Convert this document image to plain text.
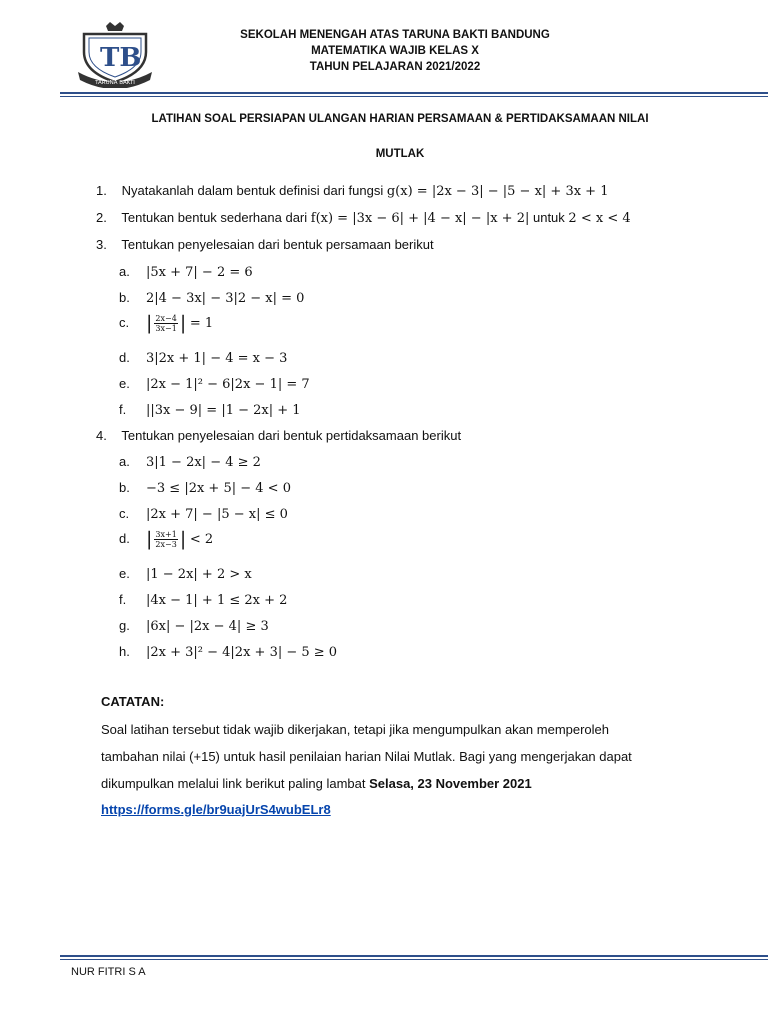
TB
TARUNA BAKTI
SEKOLAH MENENGAH ATAS TARUNA BAKTI BANDUNG
MATEMATIKA WAJIB KELAS X
TAHUN PELAJARAN 2021/2022
LATIHAN SOAL PERSIAPAN ULANGAN HARIAN PERSAMAAN & PERTIDAKSAMAAN NILAI
MUTLAK
1. Nyatakanlah dalam bentuk definisi dari fungsi g(x) = |2x − 3| − |5 − x| + 3x + 1
2. Tentukan bentuk sederhana dari f(x) = |3x − 6| + |4 − x| − |x + 2| untuk 2 < x < 4
3. Tentukan penyelesaian dari bentuk persamaan berikut
a. |5x + 7| − 2 = 6
b. 2|4 − 3x| − 3|2 − x| = 0
c. | $\frac{2x-4}{3x-1}$ | = 1
d. 3|2x + 1| − 4 = x − 3
e. |2x − 1|² − 6|2x − 1| = 7
f. ||3x − 9| = |1 − 2x| + 1
4. Tentukan penyelesaian dari bentuk pertidaksamaan berikut
a. 3|1 − 2x| − 4 ≥ 2
b. −3 ≤ |2x + 5| − 4 < 0
c. |2x + 7| − |5 − x| ≤ 0
d. | $\frac{3x+1}{2x-3}$ | < 2
e. |1 − 2x| + 2 > x
f. |4x − 1| + 1 ≤ 2x + 2
g. |6x| − |2x − 4| ≥ 3
h. |2x + 3|² − 4|2x + 3| − 5 ≥ 0
CATATAN:
Soal latihan tersebut tidak wajib dikerjakan, tetapi jika mengumpulkan akan memperoleh
tambahan nilai (+15) untuk hasil penilaian harian Nilai Mutlak. Bagi yang mengerjakan dapat
dikumpulkan melalui link berikut paling lambat Selasa, 23 November 2021
https://forms.gle/br9uajUrS4wubELr8
NUR FITRI S A
